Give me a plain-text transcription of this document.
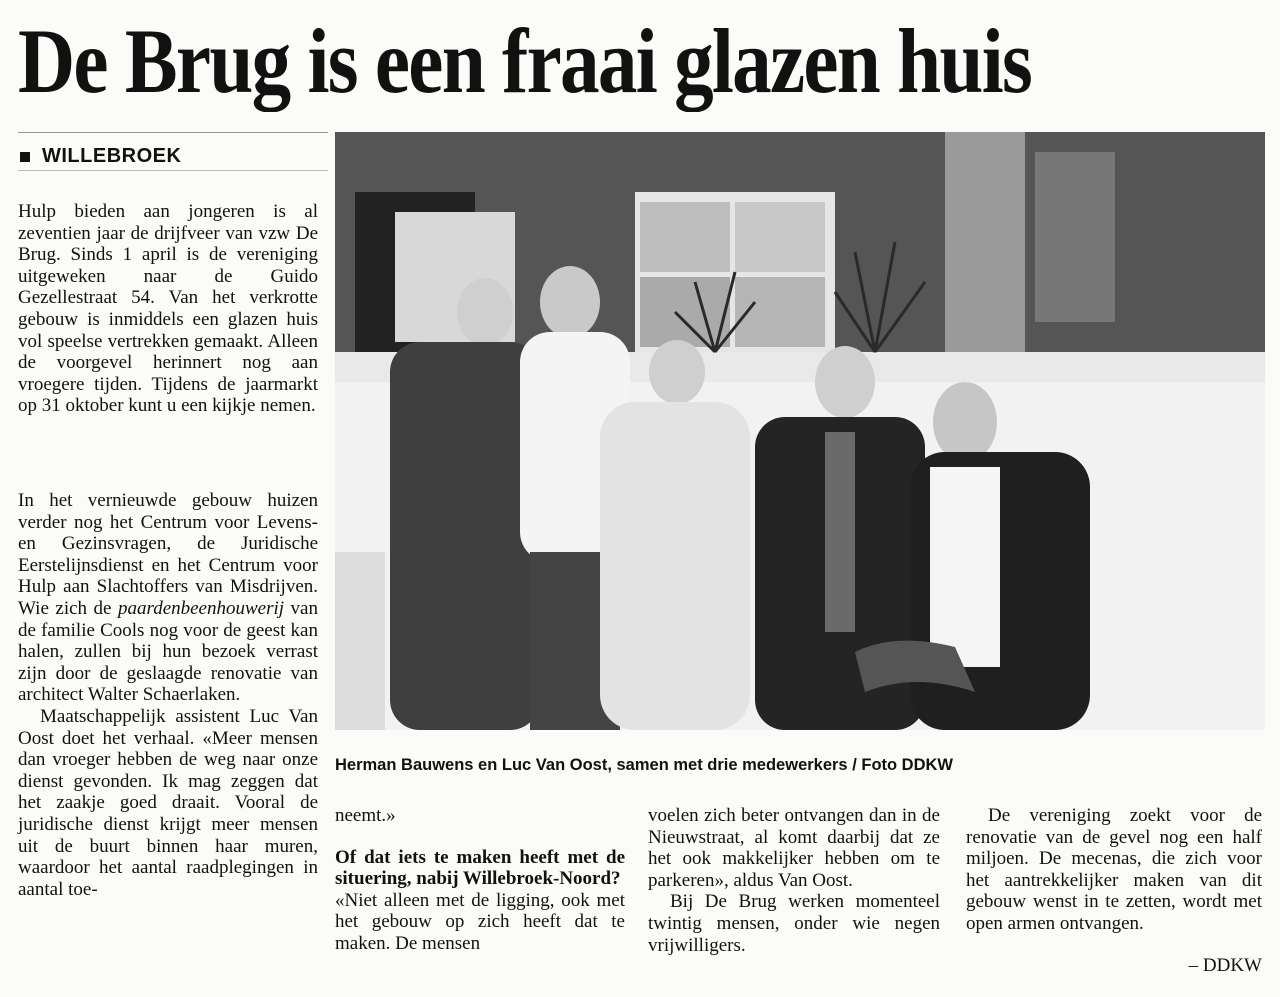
De Brug is een fraai glazen huis
WILLEBROEK

Hulp bieden aan jongeren is al zeventien jaar de drijfveer van vzw De Brug. Sinds 1 april is de vereniging uitgeweken naar de Guido Gezellestraat 54. Van het verkrotte gebouw is inmiddels een glazen huis vol speelse vertrekken gemaakt. Alleen de voorgevel herinnert nog aan vroegere tijden. Tijdens de jaarmarkt op 31 oktober kunt u een kijkje nemen.

In het vernieuwde gebouw huizen verder nog het Centrum voor Levens- en Gezinsvragen, de Juridische Eerstelijnsdienst en het Centrum voor Hulp aan Slachtoffers van Misdrijven. Wie zich de paardenbeenhouwerij van de familie Cools nog voor de geest kan halen, zullen bij hun bezoek verrast zijn door de geslaagde renovatie van architect Walter Schaerlaken.

Maatschappelijk assistent Luc Van Oost doet het verhaal. «Meer mensen dan vroeger hebben de weg naar onze dienst gevonden. Ik mag zeggen dat het zaakje goed draait. Vooral de juridische dienst krijgt meer mensen uit de buurt binnen haar muren, waardoor het aantal raadplegingen in aantal toe-

Herman Bauwens en Luc Van Oost, samen met drie medewerkers / Foto DDKW

neemt.»

Of dat iets te maken heeft met de situering, nabij Willebroek-Noord?

«Niet alleen met de ligging, ook met het gebouw op zich heeft dat te maken. De mensen

voelen zich beter ontvangen dan in de Nieuwstraat, al komt daarbij dat ze het ook makkelijker hebben om te parkeren», aldus Van Oost.

Bij De Brug werken momenteel twintig mensen, onder wie negen vrijwilligers.

De vereniging zoekt voor de renovatie van de gevel nog een half miljoen. De mecenas, die zich voor het aantrekkelijker maken van dit gebouw wenst in te zetten, wordt met open armen ontvangen.

– DDKW
